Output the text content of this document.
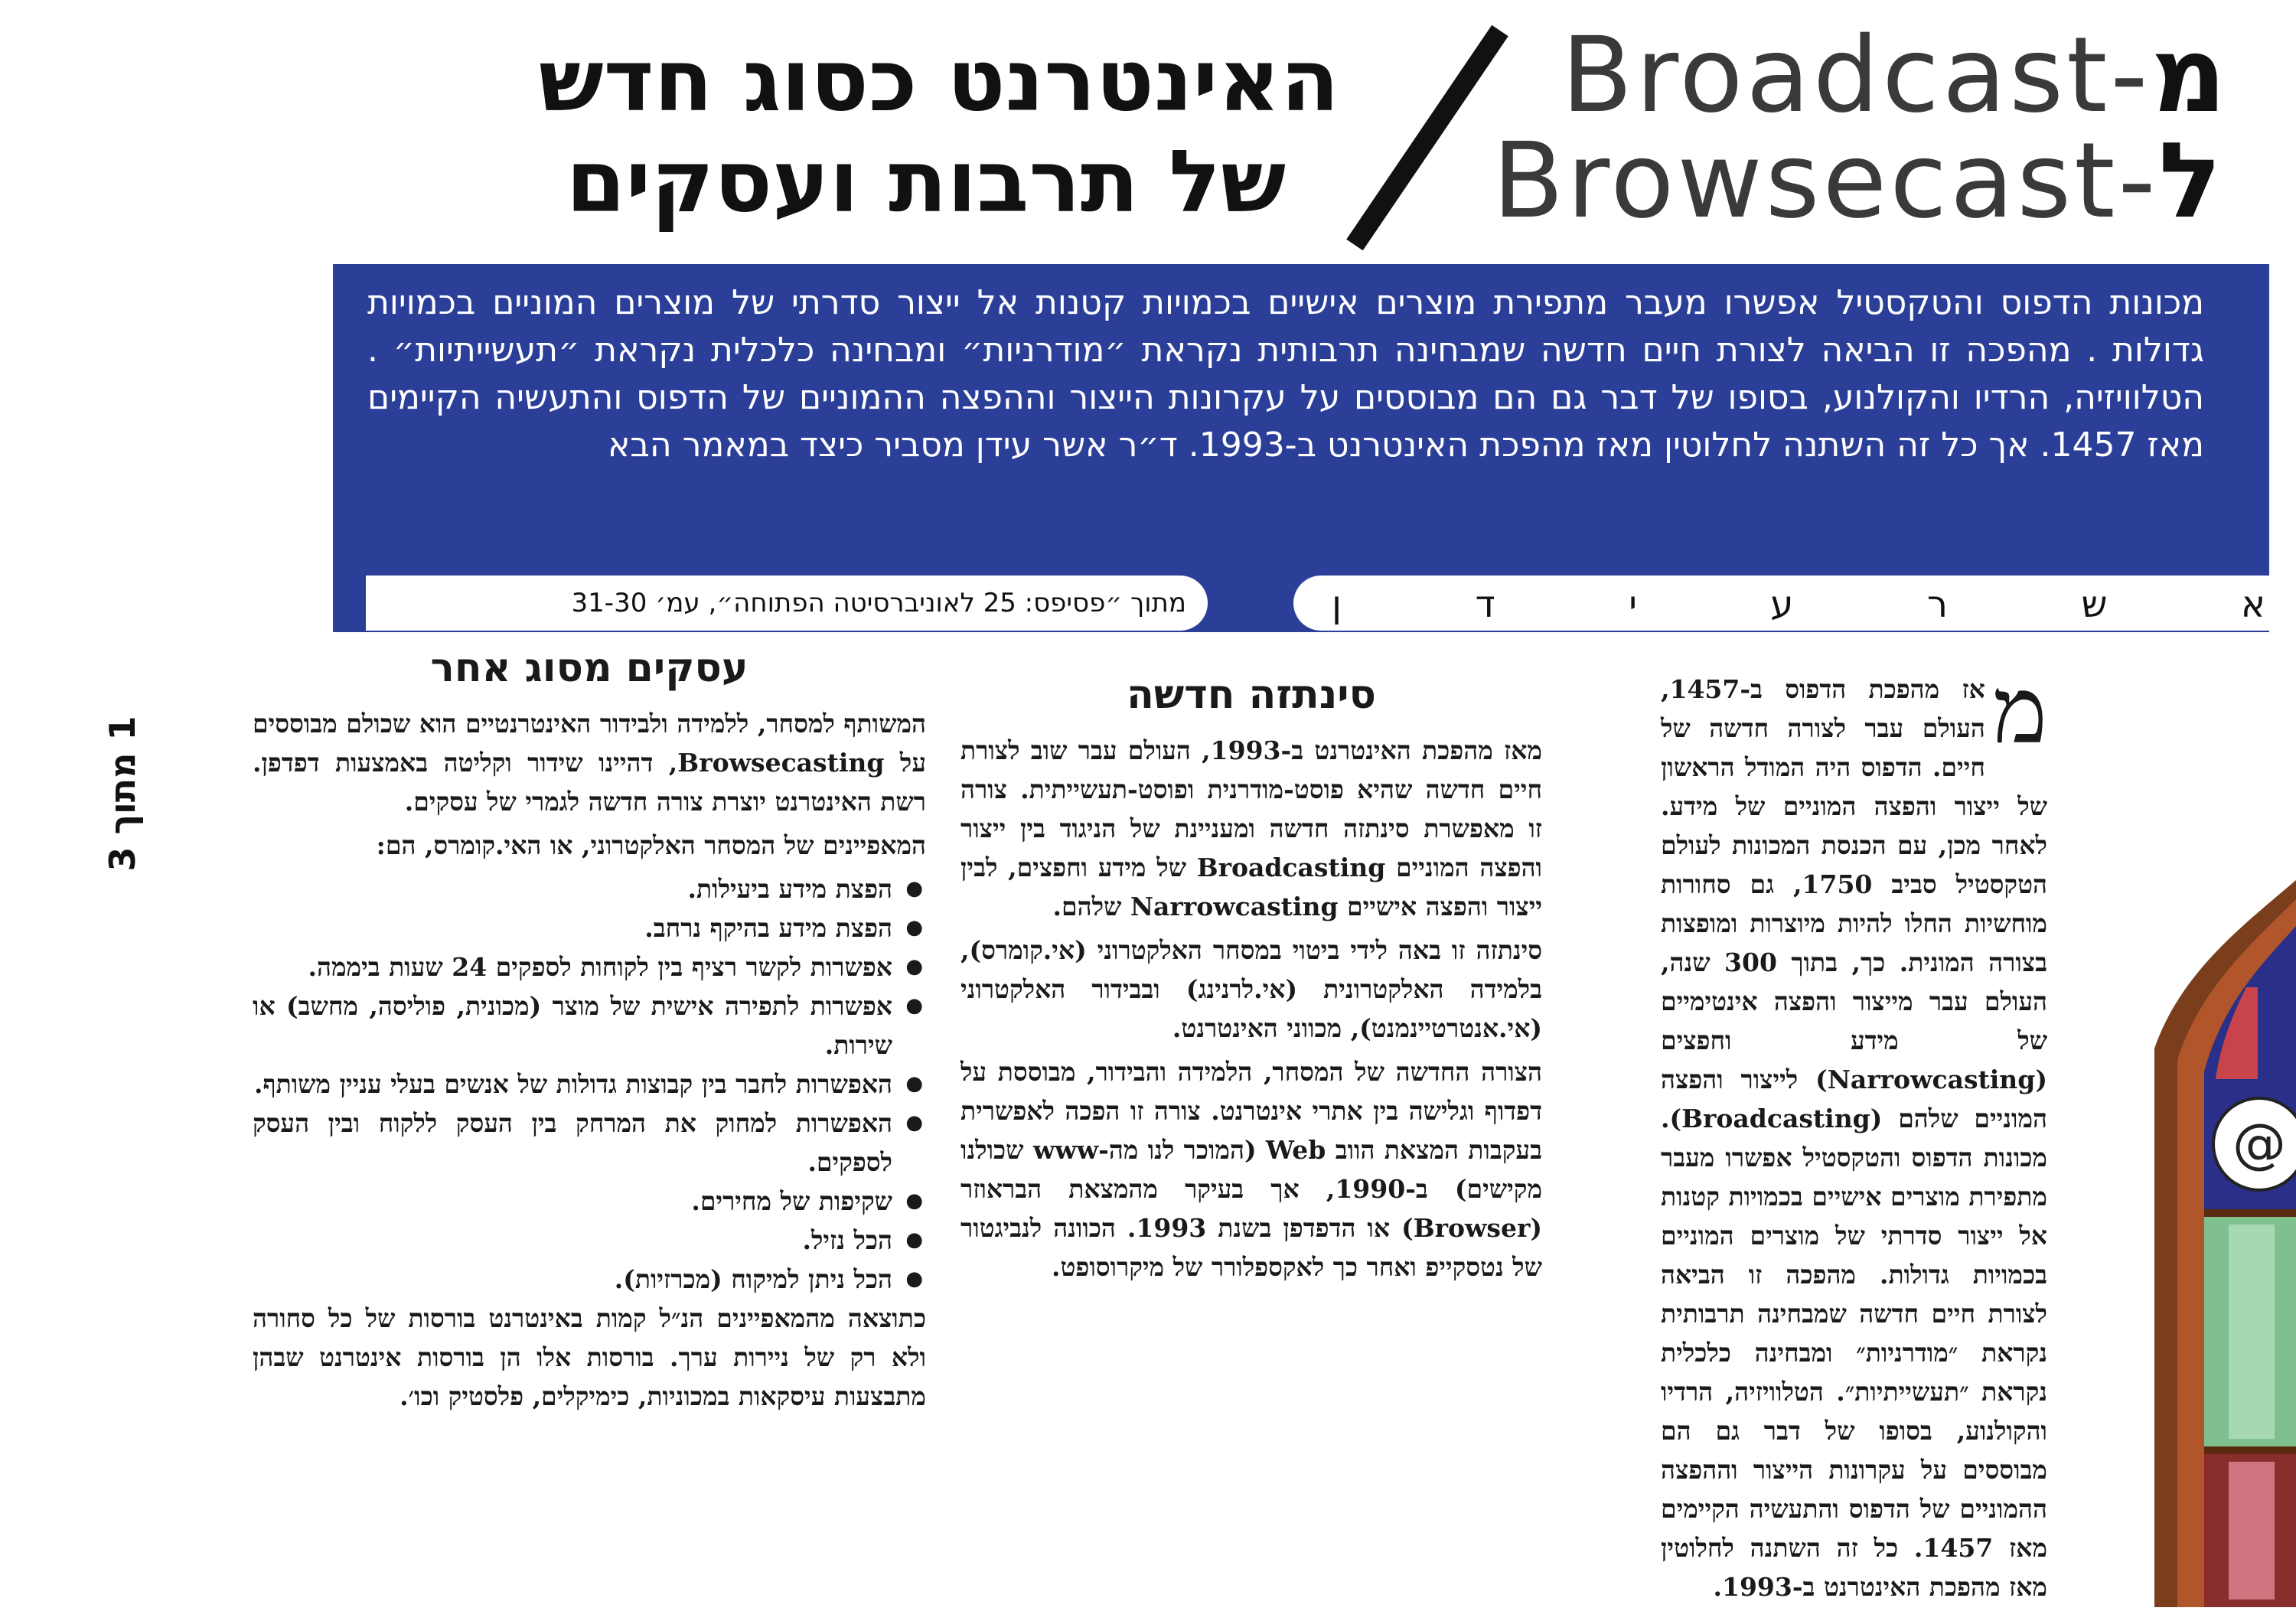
האינטרנט כסוג חדש
של תרבות ועסקים
Broadcast-מ
Browsecast-ל

מכונות הדפוס והטקסטיל אפשרו מעבר מתפירת מוצרים אישיים בכמויות קטנות אל ייצור סדרתי של מוצרים המוניים בכמויות גדולות . מהפכה זו הביאה לצורת חיים חדשה שמבחינה תרבותית נקראת ״מודרניות״ ומבחינה כלכלית נקראת ״תעשייתיות״ . הטלוויזיה, הרדיו והקולנוע, בסופו של דבר גם הם מבוססים על עקרונות הייצור וההפצה ההמוניים של הדפוס והתעשיה הקיימים מאז 1457. אך כל זה השתנה לחלוטין מאז מהפכת האינטרנט ב-1993. ד״ר אשר עידן מסביר כיצד במאמר הבא

מתוך ״פסיפס: 25 לאוניברסיטה הפתוחה״, עמ׳ 31-30	א
ש
ר
ע
י
ד
ן
1 מתוך 3	מ

אז מהפכת הדפוס ב-1457, העולם עבר לצורה חדשה של חיים. הדפוס היה המודל הראשון של ייצור והפצה המוניים של מידע. לאחר מכן, עם הכנסת המכונות לעולם הטקסטיל סביב 1750, גם סחורות מוחשיות החלו להיות מיוצרות ומופצות בצורה המונית. כך, בתוך 300 שנה, העולם עבר מייצור והפצה אינטימיים של מידע וחפצים (Narrowcasting) לייצור והפצה המוניים שלהם (Broadcasting). מכונות הדפוס והטקסטיל אפשרו מעבר מתפירת מוצרים אישיים בכמויות קטנות אל ייצור סדרתי של מוצרים המוניים בכמויות גדולות. מהפכה זו הביאה לצורת חיים חדשה שמבחינה תרבותית נקראת ״מודרניות״ ומבחינה כלכלית נקראת ״תעשייתיות״. הטלוויזיה, הרדיו והקולנוע, בסופו של דבר גם הם מבוססים על עקרונות הייצור וההפצה ההמוניים של הדפוס והתעשיה הקיימים מאז 1457. כל זה השתנה לחלוטין מאז מהפכת האינטרנט ב-1993.

@
סינתזה חדשה

מאז מהפכת האינטרנט ב-1993, העולם עבר שוב לצורת חיים חדשה שהיא פוסט-מודרנית ופוסט-תעשייתית. צורה זו מאפשרת סינתזה חדשה ומעניינת של הניגוד בין ייצור והפצה המוניים Broadcasting של מידע וחפצים, לבין ייצור והפצה אישיים Narrowcasting שלהם.

סינתזה זו באה לידי ביטוי במסחר האלקטרוני (אי.קומרס), בלמידה האלקטרונית (אי.לרנינג) ובבידור האלקטרוני (אי.אנטרטיינמנט), מכווני האינטרנט.

הצורה החדשה של המסחר, הלמידה והבידור, מבוססת על דפדוף וגלישה בין אתרי אינטרנט. צורה זו הפכה לאפשרית בעקבות המצאת הווב Web (המוכר לנו מה-www שכולנו מקישים) ב-1990, אך בעיקר מהמצאת הבראוזר (Browser) או הדפדפן בשנת 1993. הכוונה לנביגטור של נטסקייפ ואחר כך לאקספלורר של מיקרוסופט.

עסקים מסוג אחר

המשותף למסחר, ללמידה ולבידור האינטרנטיים הוא שכולם מבוססים על Browsecasting, דהיינו שידור וקליטה באמצעות דפדפן. רשת האינטרנט יוצרת צורה חדשה לגמרי של עסקים.

המאפיינים של המסחר האלקטרוני, או האי.קומרס, הם:

● הפצת מידע ביעילות.
● הפצת מידע בהיקף נרחב.
● אפשרות לקשר רציף בין לקוחות לספקים 24 שעות ביממה.
● אפשרות לתפירה אישית של מוצר (מכונית, פוליסה, מחשב) או שירות.
● האפשרות לחבר בין קבוצות גדולות של אנשים בעלי עניין משותף.
● האפשרות למחוק את המרחק בין העסק ללקוח ובין העסק לספקים.
● שקיפות של מחירים.
● הכל נזיל.
● הכל ניתן למיקוח (מכרזיות).

כתוצאה מהמאפיינים הנ״ל קמות באינטרנט בורסות של כל סחורה ולא רק של ניירות ערך. בורסות אלו הן בורסות אינטרנט שבהן מתבצעות עיסקאות במכוניות, כימיקלים, פלסטיק וכו׳.
